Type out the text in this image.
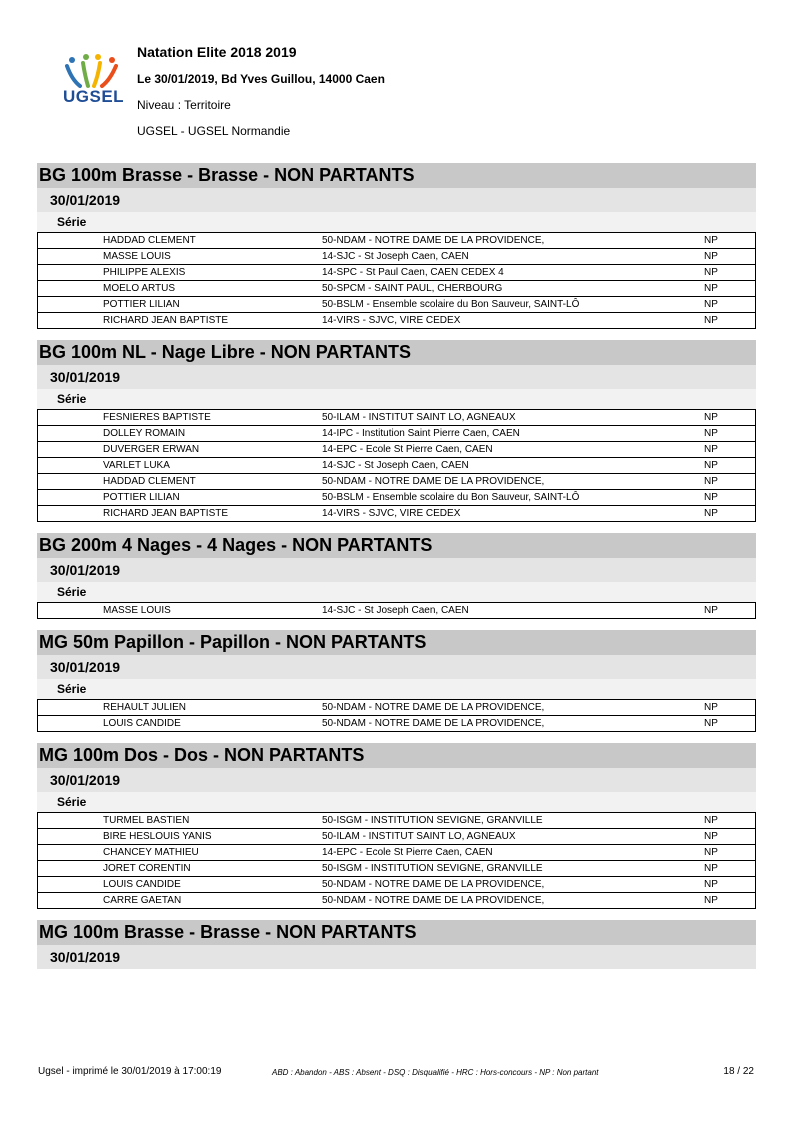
UGSEL
Natation Elite 2018 2019
Le 30/01/2019, Bd Yves Guillou, 14000 Caen
Niveau : Territoire
UGSEL - UGSEL Normandie
BG 100m Brasse - Brasse - NON PARTANTS
30/01/2019
Série
HADDAD CLEMENT	50-NDAM - NOTRE DAME DE LA PROVIDENCE,	NP
MASSE LOUIS	14-SJC - St Joseph Caen, CAEN	NP
PHILIPPE ALEXIS	14-SPC - St Paul Caen, CAEN CEDEX 4	NP
MOELO ARTUS	50-SPCM - SAINT PAUL, CHERBOURG	NP
POTTIER LILIAN	50-BSLM - Ensemble scolaire du Bon Sauveur, SAINT-LÔ	NP
RICHARD JEAN BAPTISTE	14-VIRS - SJVC, VIRE CEDEX	NP
BG 100m NL - Nage Libre - NON PARTANTS
30/01/2019
Série
FESNIERES BAPTISTE	50-ILAM - INSTITUT SAINT LO, AGNEAUX	NP
DOLLEY ROMAIN	14-IPC - Institution Saint Pierre Caen, CAEN	NP
DUVERGER ERWAN	14-EPC - Ecole St Pierre Caen, CAEN	NP
VARLET LUKA	14-SJC - St Joseph Caen, CAEN	NP
HADDAD CLEMENT	50-NDAM - NOTRE DAME DE LA PROVIDENCE,	NP
POTTIER LILIAN	50-BSLM - Ensemble scolaire du Bon Sauveur, SAINT-LÔ	NP
RICHARD JEAN BAPTISTE	14-VIRS - SJVC, VIRE CEDEX	NP
BG 200m 4 Nages - 4 Nages - NON PARTANTS
30/01/2019
Série
MASSE LOUIS	14-SJC - St Joseph Caen, CAEN	NP
MG 50m Papillon - Papillon - NON PARTANTS
30/01/2019
Série
REHAULT JULIEN	50-NDAM - NOTRE DAME DE LA PROVIDENCE,	NP
LOUIS CANDIDE	50-NDAM - NOTRE DAME DE LA PROVIDENCE,	NP
MG 100m Dos - Dos - NON PARTANTS
30/01/2019
Série
TURMEL BASTIEN	50-ISGM - INSTITUTION SEVIGNE, GRANVILLE	NP
BIRE HESLOUIS YANIS	50-ILAM - INSTITUT SAINT LO, AGNEAUX	NP
CHANCEY MATHIEU	14-EPC - Ecole St Pierre Caen, CAEN	NP
JORET CORENTIN	50-ISGM - INSTITUTION SEVIGNE, GRANVILLE	NP
LOUIS CANDIDE	50-NDAM - NOTRE DAME DE LA PROVIDENCE,	NP
CARRE GAETAN	50-NDAM - NOTRE DAME DE LA PROVIDENCE,	NP
MG 100m Brasse - Brasse - NON PARTANTS
30/01/2019
Ugsel - imprimé le 30/01/2019 à 17:00:19	ABD : Abandon - ABS : Absent - DSQ : Disqualifié - HRC : Hors-concours - NP : Non partant	18 / 22
